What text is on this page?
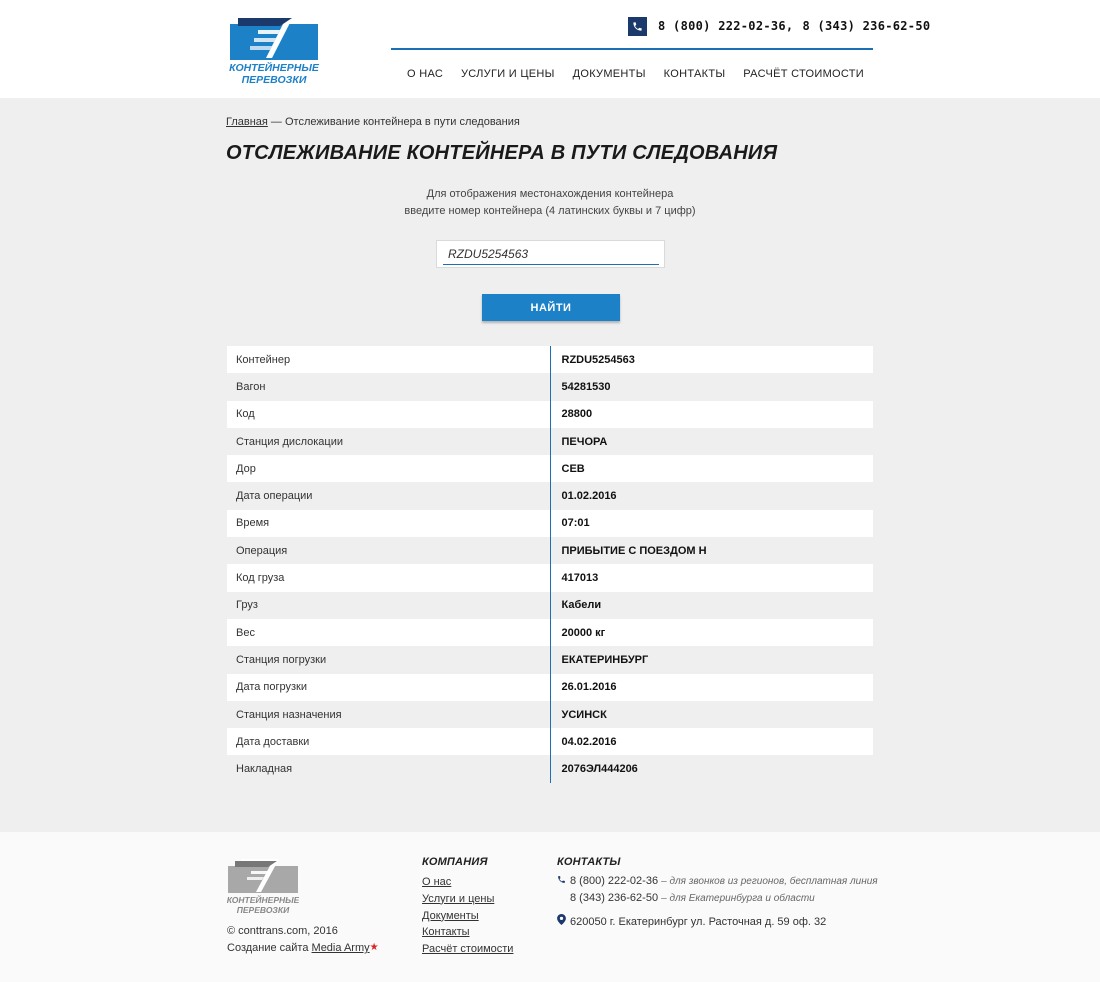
КОНТЕЙНЕРНЫЕ
ПЕРЕВОЗКИ
8 (800) 222-02-36, 8 (343) 236-62-50
О НАС УСЛУГИ И ЦЕНЫ ДОКУМЕНТЫ КОНТАКТЫ РАСЧЁТ СТОИМОСТИ
Главная — Отслеживание контейнера в пути следования
ОТСЛЕЖИВАНИЕ КОНТЕЙНЕРА В ПУТИ СЛЕДОВАНИЯ
Для отображения местонахождения контейнера
введите номер контейнера (4 латинских буквы и 7 цифр)
RZDU5254563
НАЙТИ
Контейнер	RZDU5254563
Вагон	54281530
Код	28800
Станция дислокации	ПЕЧОРА
Дор	СЕВ
Дата операции	01.02.2016
Время	07:01
Операция	ПРИБЫТИЕ С ПОЕЗДОМ Н
Код груза	417013
Груз	Кабели
Вес	20000 кг
Станция погрузки	ЕКАТЕРИНБУРГ
Дата погрузки	26.01.2016
Станция назначения	УСИНСК
Дата доставки	04.02.2016
Накладная	2076ЭЛ444206
КОНТЕЙНЕРНЫЕ
ПЕРЕВОЗКИ
© conttrans.com, 2016
Создание сайта Media Army★
КОМПАНИЯ
О нас
Услуги и цены
Документы
Контакты
Расчёт стоимости
КОНТАКТЫ
8 (800) 222-02-36 – для звонков из регионов, бесплатная линия
8 (343) 236-62-50 – для Екатеринбурга и области
620050 г. Екатеринбург ул. Расточная д. 59 оф. 32
